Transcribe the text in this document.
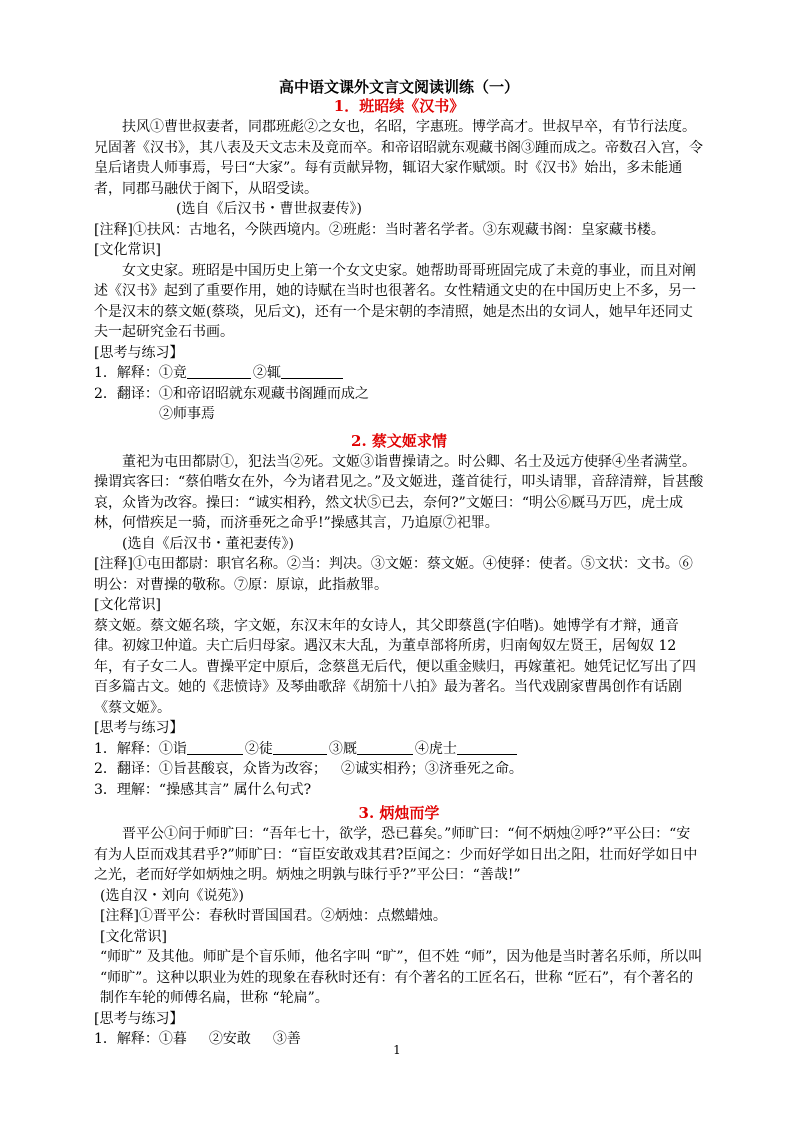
高中语文课外文言文阅读训练（一）

1．班昭续《汉书》

扶风①曹世叔妻者，同郡班彪②之女也，名昭，字惠班。博学高才。世叔早卒，有节行法度。兄固著《汉书》，其八表及天文志未及竟而卒。和帝诏昭就东观藏书阁③踵而成之。帝数召入宫，令皇后诸贵人师事焉，号曰“大家”。每有贡献异物，辄诏大家作赋颂。时《汉书》始出，多未能通者，同郡马融伏于阁下，从昭受读。

(选自《后汉书・曹世叔妻传》)

[注释]①扶风：古地名，今陕西境内。②班彪：当时著名学者。③东观藏书阁：皇家藏书楼。

[文化常识]

女文史家。班昭是中国历史上第一个女文史家。她帮助哥哥班固完成了未竟的事业，而且对阐述《汉书》起到了重要作用，她的诗赋在当时也很著名。女性精通文史的在中国历史上不多，另一个是汉末的蔡文姬(蔡琰，见后文)，还有一个是宋朝的李清照，她是杰出的女词人，她早年还同丈夫一起研究金石书画。

[思考与练习】

1．解释：①竟	②辄

2．翻译：①和帝诏昭就东观藏书阁踵而成之

②师事焉

2. 蔡文姬求情

董祀为屯田都尉①，犯法当②死。文姬③诣曹操请之。时公卿、名士及远方使驿④坐者满堂。操谓宾客曰：“蔡伯喈女在外，今为诸君见之。”及文姬进，蓬首徒行，叩头请罪，音辞清辩，旨甚酸哀，众皆为改容。操曰：“诚实相矜，然文状⑤已去，奈何?”文姬曰：“明公⑥厩马万匹，虎士成林，何惜疾足一骑，而济垂死之命乎!”操感其言，乃追原⑦祀罪。

(选自《后汉书・董祀妻传》)

[注释]①屯田都尉：职官名称。②当：判决。③文姬：蔡文姬。④使驿：使者。⑤文状：文书。⑥明公：对曹操的敬称。⑦原：原谅，此指赦罪。

[文化常识]

蔡文姬。蔡文姬名琰，字文姬，东汉末年的女诗人，其父即蔡邕(字伯喈)。她博学有才辩，通音律。初嫁卫仲道。夫亡后归母家。遇汉末大乱，为董卓部将所虏，归南匈奴左贤王，居匈奴 12 年，有子女二人。曹操平定中原后，念蔡邕无后代，便以重金赎归，再嫁董祀。她凭记忆写出了四百多篇古文。她的《悲愤诗》及琴曲歌辞《胡笳十八拍》最为著名。当代戏剧家曹禺创作有话剧《蔡文姬》。

[思考与练习】

1．解释：①诣	②徒	③厩	④虎士

2．翻译：①旨甚酸哀，众皆为改容； ②诚实相矜；③济垂死之命。

3．理解：“操感其言” 属什么句式?

3. 炳烛而学

晋平公①问于师旷曰：“吾年七十，欲学，恐已暮矣。”师旷曰：“何不炳烛②呼?”平公曰：“安有为人臣而戏其君乎?”师旷曰：“盲臣安敢戏其君?臣闻之：少而好学如日出之阳，壮而好学如日中之光，老而好学如炳烛之明。炳烛之明孰与昧行乎?”平公曰：“善哉!”

(选自汉・刘向《说苑》)

[注释]①晋平公：春秋时晋国国君。②炳烛：点燃蜡烛。

[文化常识]

“师旷” 及其他。师旷是个盲乐师，他名字叫 “旷”，但不姓 “师”，因为他是当时著名乐师，所以叫 “师旷”。这种以职业为姓的现象在春秋时还有：有个著名的工匠名石，世称 “匠石”，有个著名的制作车轮的师傅名扁，世称 “轮扁”。

[思考与练习】

1．解释：①暮 ②安敢 ③善

1
